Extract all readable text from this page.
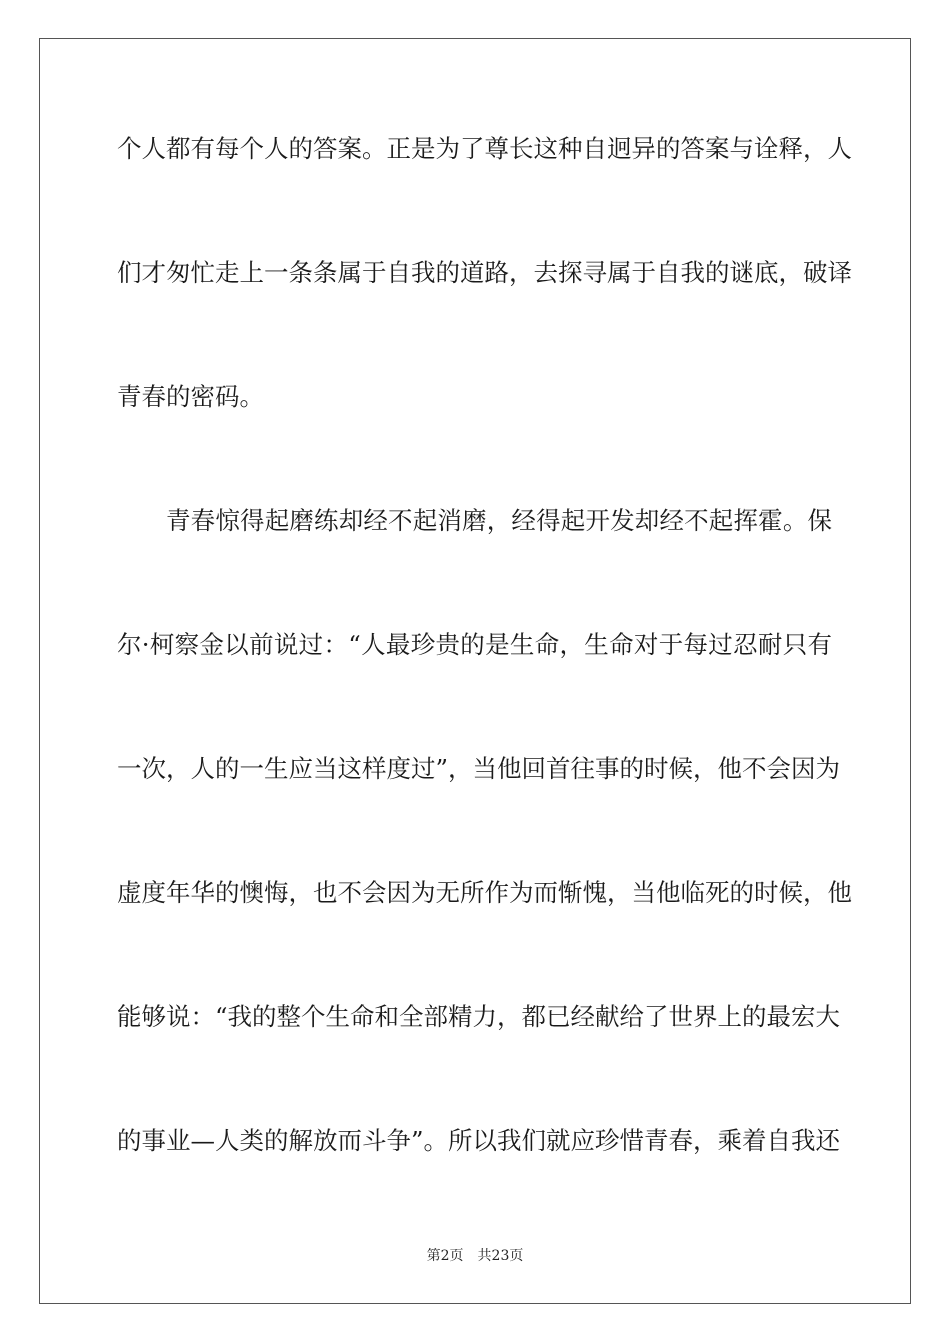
个人都有每个人的答案。正是为了尊长这种自迥异的答案与诠释，人
们才匆忙走上一条条属于自我的道路，去探寻属于自我的谜底，破译
青春的密码。
青春惊得起磨练却经不起消磨，经得起开发却经不起挥霍。保
尔·柯察金以前说过：“人最珍贵的是生命，生命对于每过忍耐只有
一次，人的一生应当这样度过”，当他回首往事的时候，他不会因为
虚度年华的懊悔，也不会因为无所作为而惭愧，当他临死的时候，他
能够说：“我的整个生命和全部精力，都已经献给了世界上的最宏大
的事业—人类的解放而斗争”。所以我们就应珍惜青春，乘着自我还
第2页 共23页
